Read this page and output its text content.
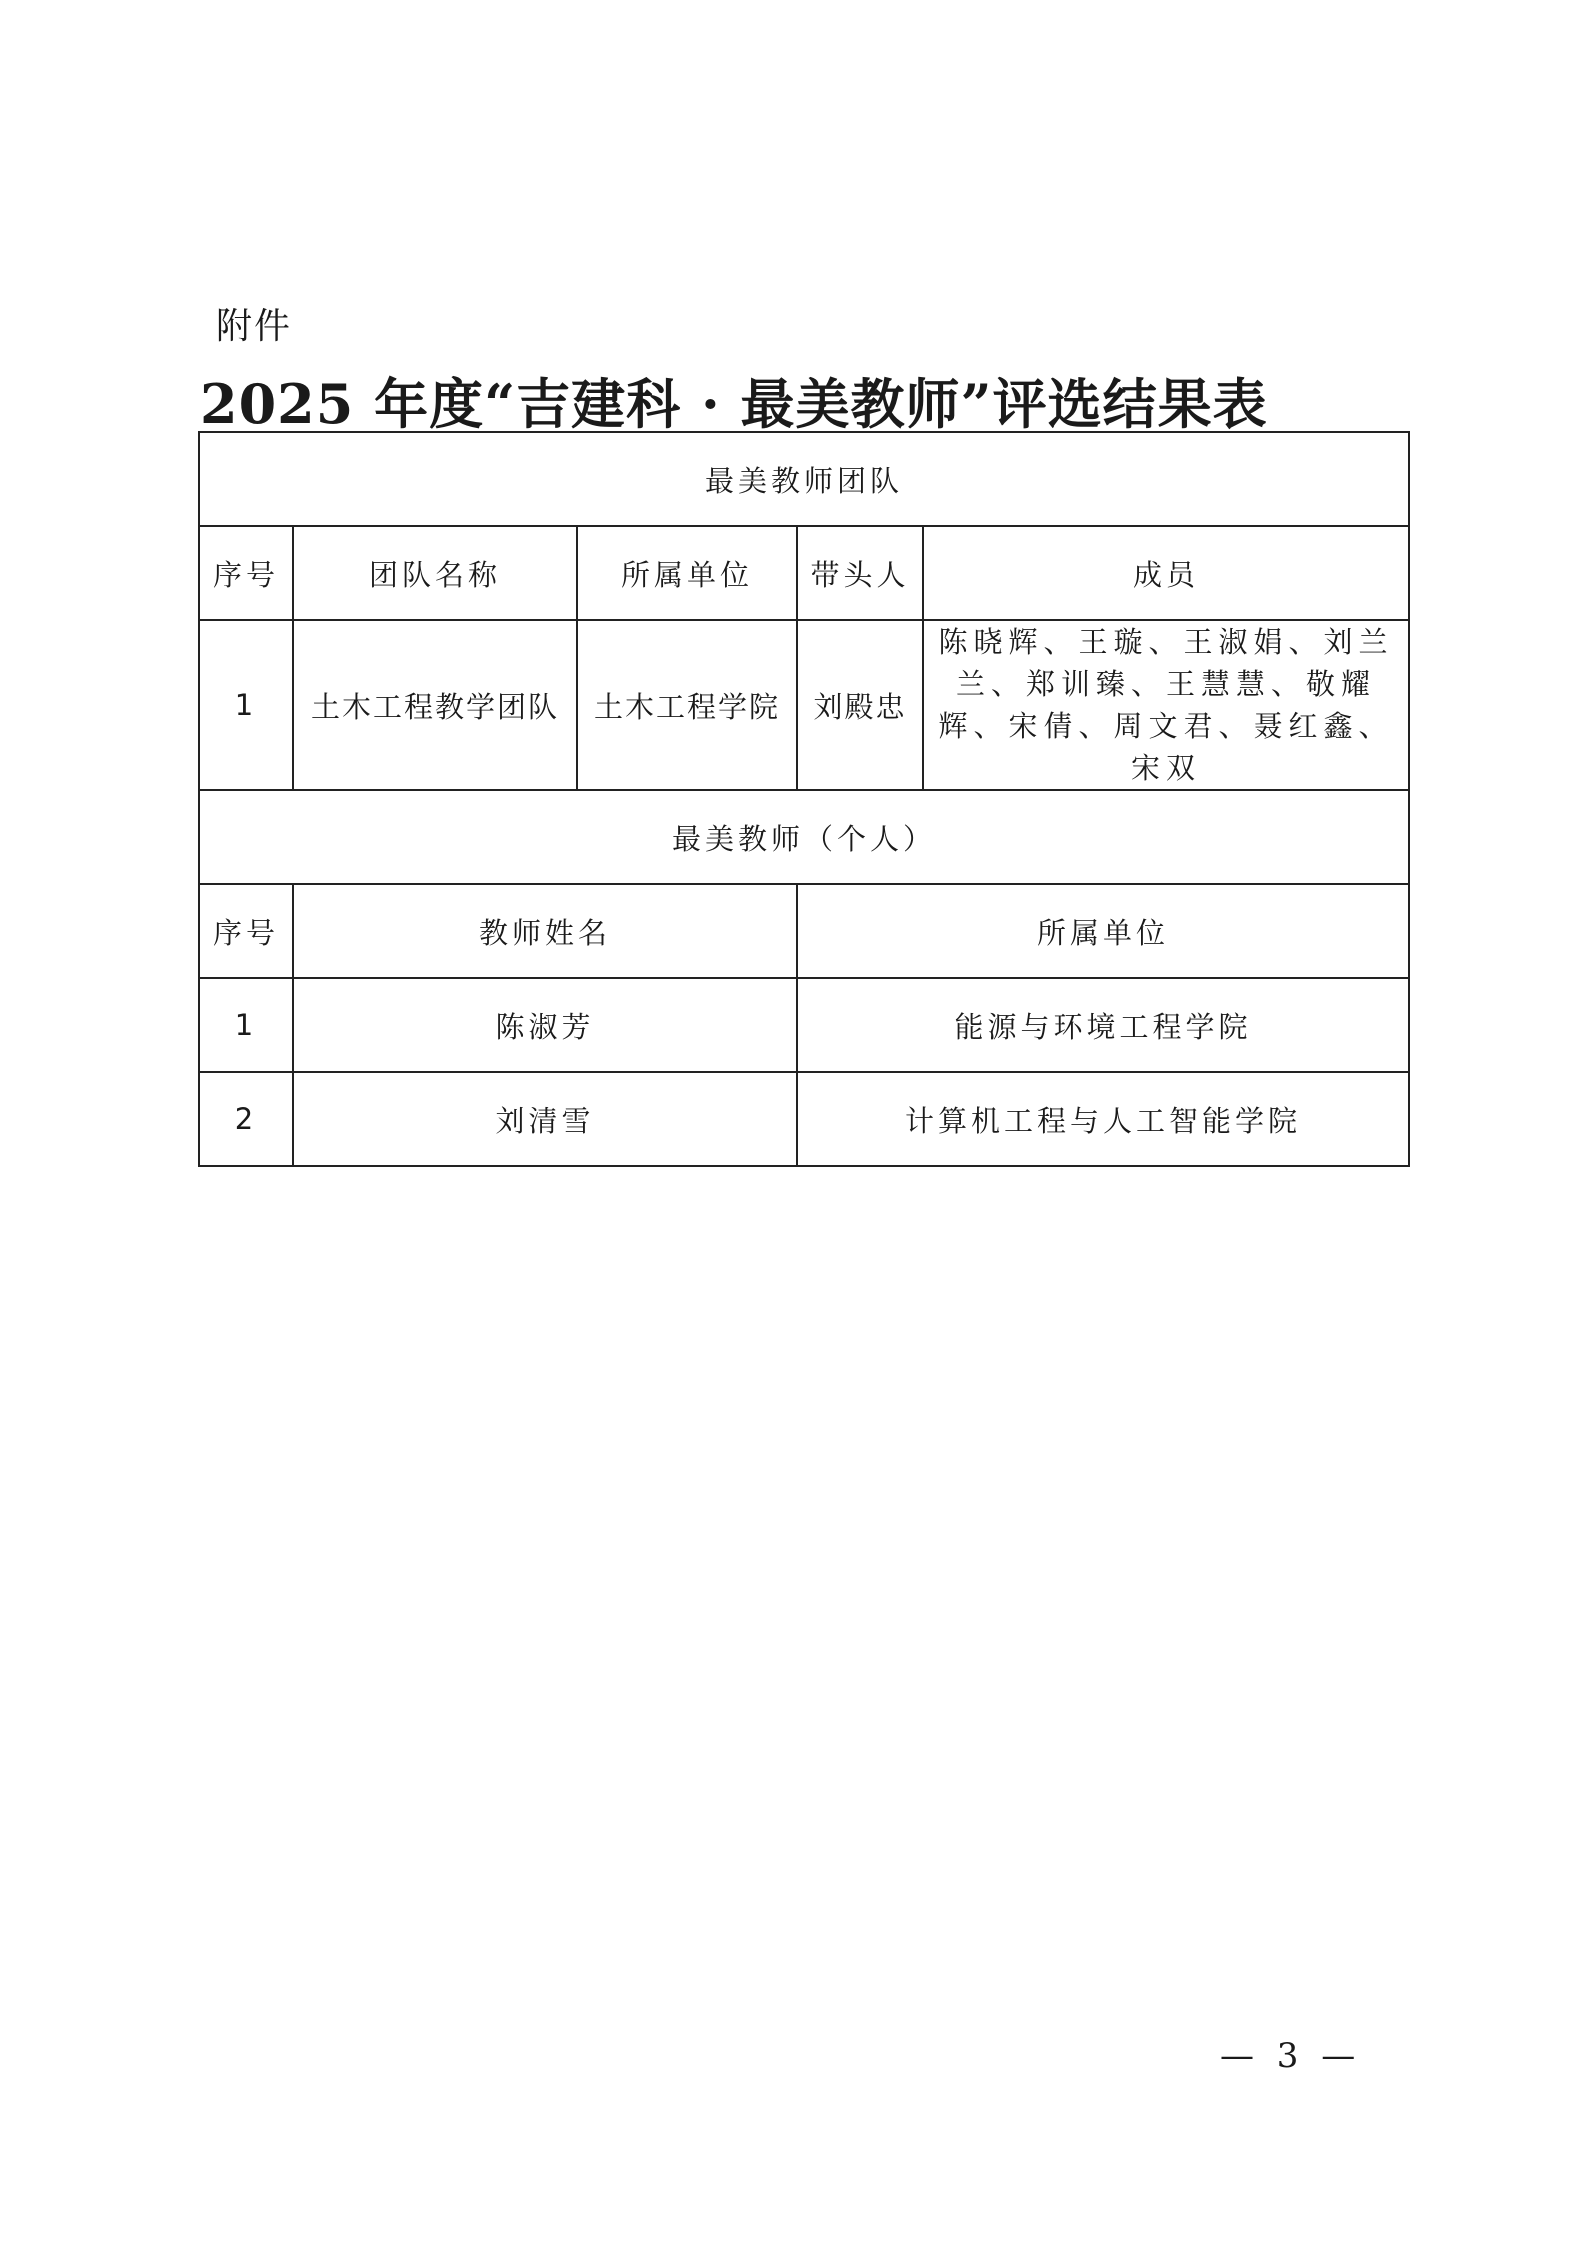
附件
2025 年度“吉建科 · 最美教师”评选结果表
最美教师团队				
序号	团队名称	所属单位	带头人	成员
1	土木工程教学团队	土木工程学院	刘殿忠	陈晓辉、王璇、王淑娟、刘兰兰、郑训臻、王慧慧、敬耀辉、宋倩、周文君、聂红鑫、宋双
最美教师（个人）				
序号	教师姓名		所属单位	
1	陈淑芳		能源与环境工程学院	
2	刘清雪		计算机工程与人工智能学院	
— 3 —
